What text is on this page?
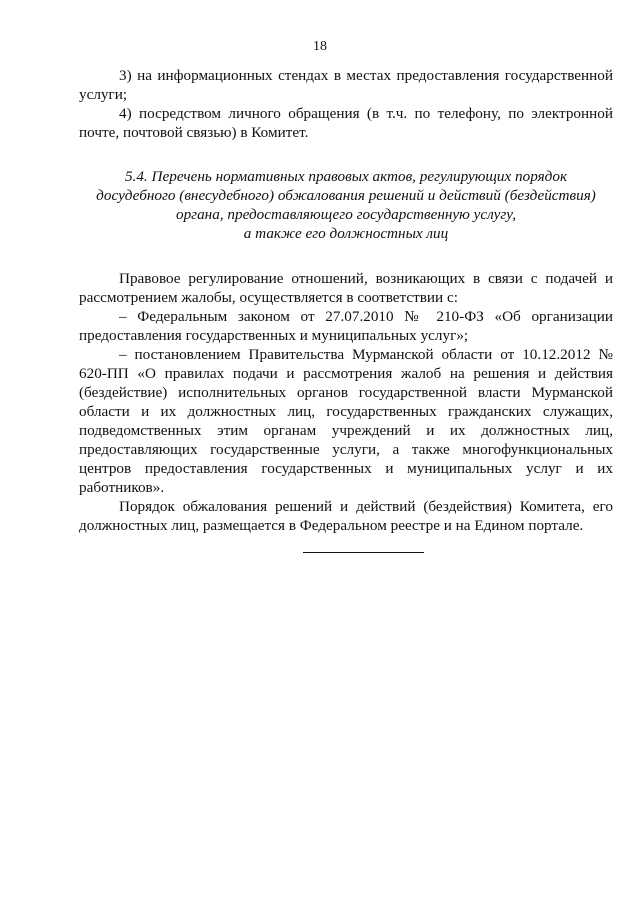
18

3) на информационных стендах в местах предоставления государственной услуги;

4) посредством личного обращения (в т.ч. по телефону, по электронной почте, почтовой связью) в Комитет.

5.4. Перечень нормативных правовых актов, регулирующих порядок
досудебного (внесудебного) обжалования решений и действий (бездействия)
органа, предоставляющего государственную услугу,
а также его должностных лиц

Правовое регулирование отношений, возникающих в связи с подачей и рассмотрением жалобы, осуществляется в соответствии с:

– Федеральным законом от 27.07.2010 № 210-ФЗ «Об организации предоставления государственных и муниципальных услуг»;

– постановлением Правительства Мурманской области от 10.12.2012 № 620-ПП «О правилах подачи и рассмотрения жалоб на решения и действия (бездействие) исполнительных органов государственной власти Мурманской области и их должностных лиц, государственных гражданских служащих, подведомственных этим органам учреждений и их должностных лиц, предоставляющих государственные услуги, а также многофункциональных центров предоставления государственных и муниципальных услуг и их работников».

Порядок обжалования решений и действий (бездействия) Комитета, его должностных лиц, размещается в Федеральном реестре и на Едином портале.
